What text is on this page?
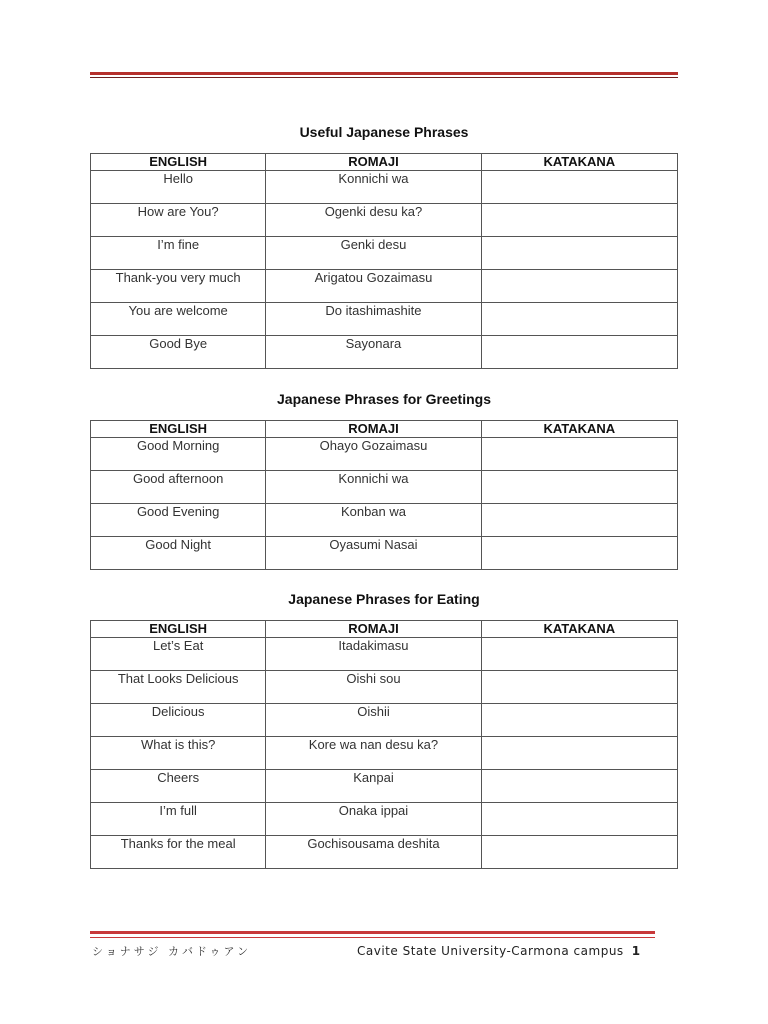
Useful Japanese Phrases
ENGLISH	ROMAJI	KATAKANA
Hello	Konnichi wa	
How are You?	Ogenki desu ka?	
I’m fine	Genki desu	
Thank-you very much	Arigatou Gozaimasu	
You are welcome	Do itashimashite	
Good Bye	Sayonara	
Japanese Phrases for Greetings
ENGLISH	ROMAJI	KATAKANA
Good Morning	Ohayo Gozaimasu	
Good afternoon	Konnichi wa	
Good Evening	Konban wa	
Good Night	Oyasumi Nasai	
Japanese Phrases for Eating
ENGLISH	ROMAJI	KATAKANA
Let’s Eat	Itadakimasu	
That Looks Delicious	Oishi sou	
Delicious	Oishii	
What is this?	Kore wa nan desu ka?	
Cheers	Kanpai	
I’m full	Onaka ippai	
Thanks for the meal	Gochisousama deshita	
ショナサジ カバドゥアン	Cavite State University-Carmona campus 1
